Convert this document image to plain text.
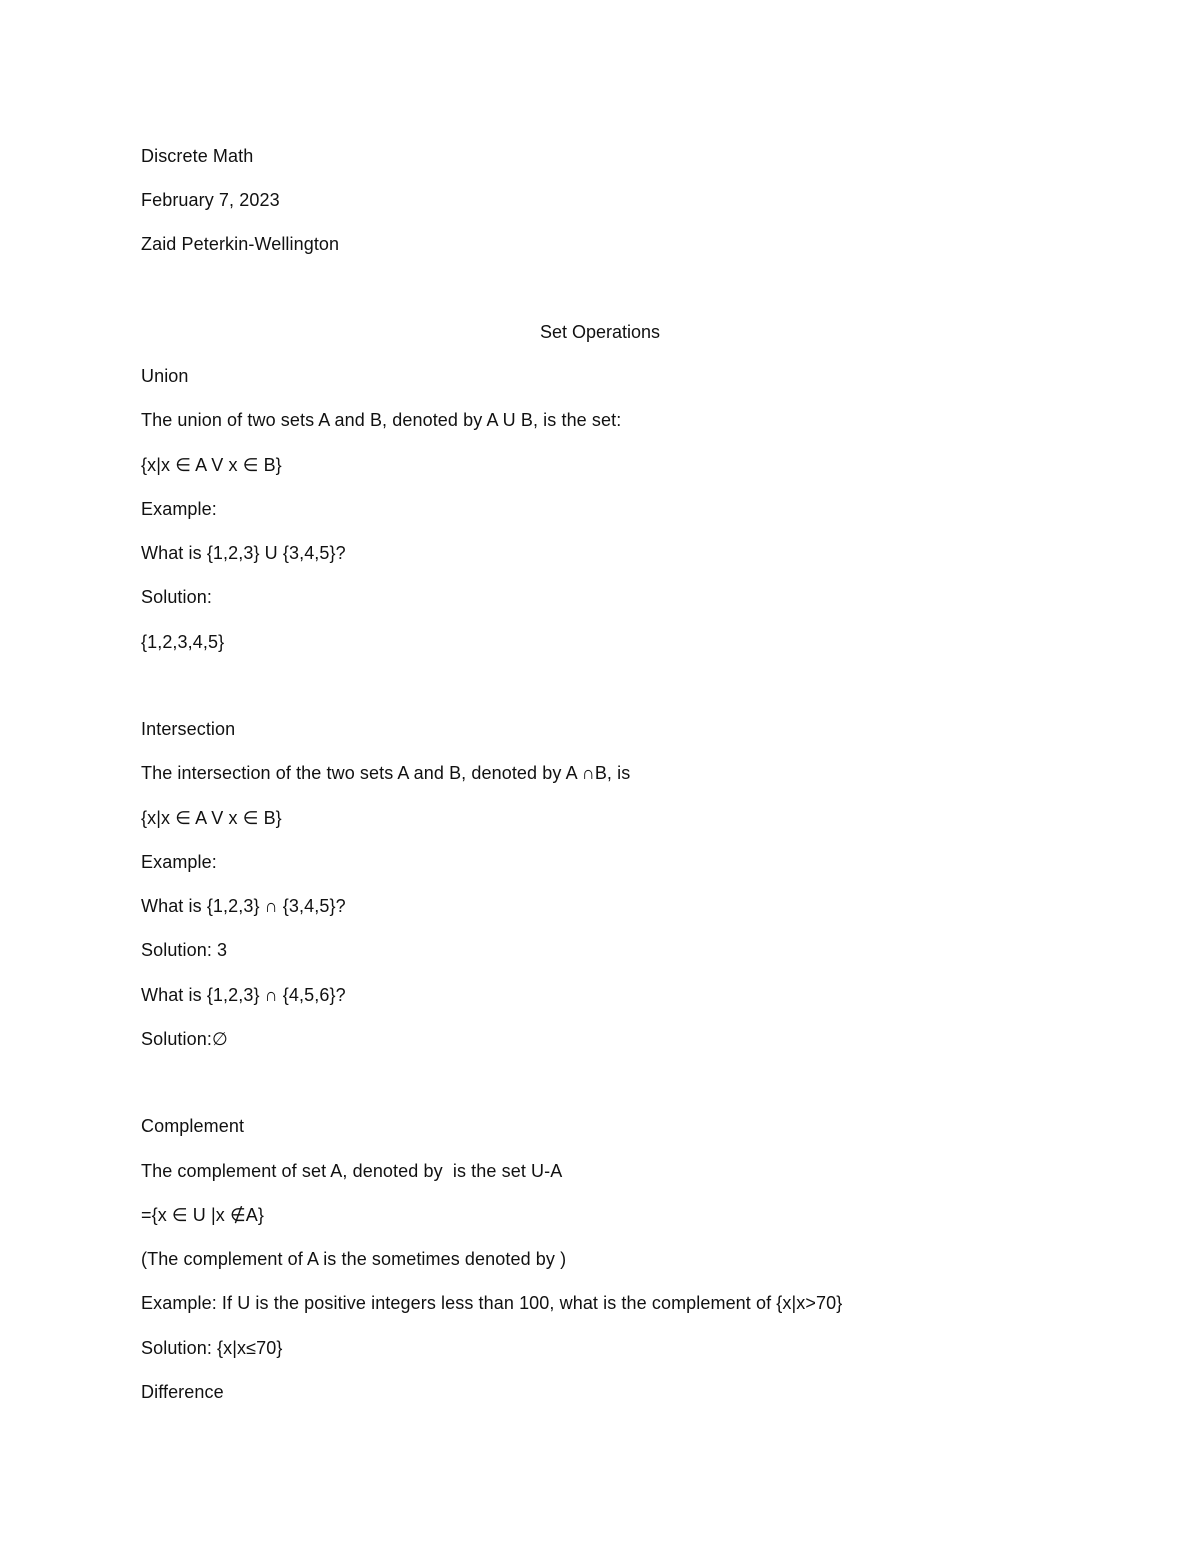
Discrete Math
February 7, 2023
Zaid Peterkin-Wellington
Set Operations
Union
The union of two sets A and B, denoted by A U B, is the set:
{x|x ∈ A V x ∈ B}
Example:
What is {1,2,3} U {3,4,5}?
Solution:
{1,2,3,4,5}
Intersection
The intersection of the two sets A and B, denoted by A ∩B, is
{x|x ∈ A V x ∈ B}
Example:
What is {1,2,3} ∩ {3,4,5}?
Solution: 3
What is {1,2,3} ∩ {4,5,6}?
Solution:∅
Complement
The complement of set A, denoted by  is the set U-A
={x ∈ U |x ∉A}
(The complement of A is the sometimes denoted by )
Example: If U is the positive integers less than 100, what is the complement of {x|x>70}
Solution: {x|x≤70}
Difference
